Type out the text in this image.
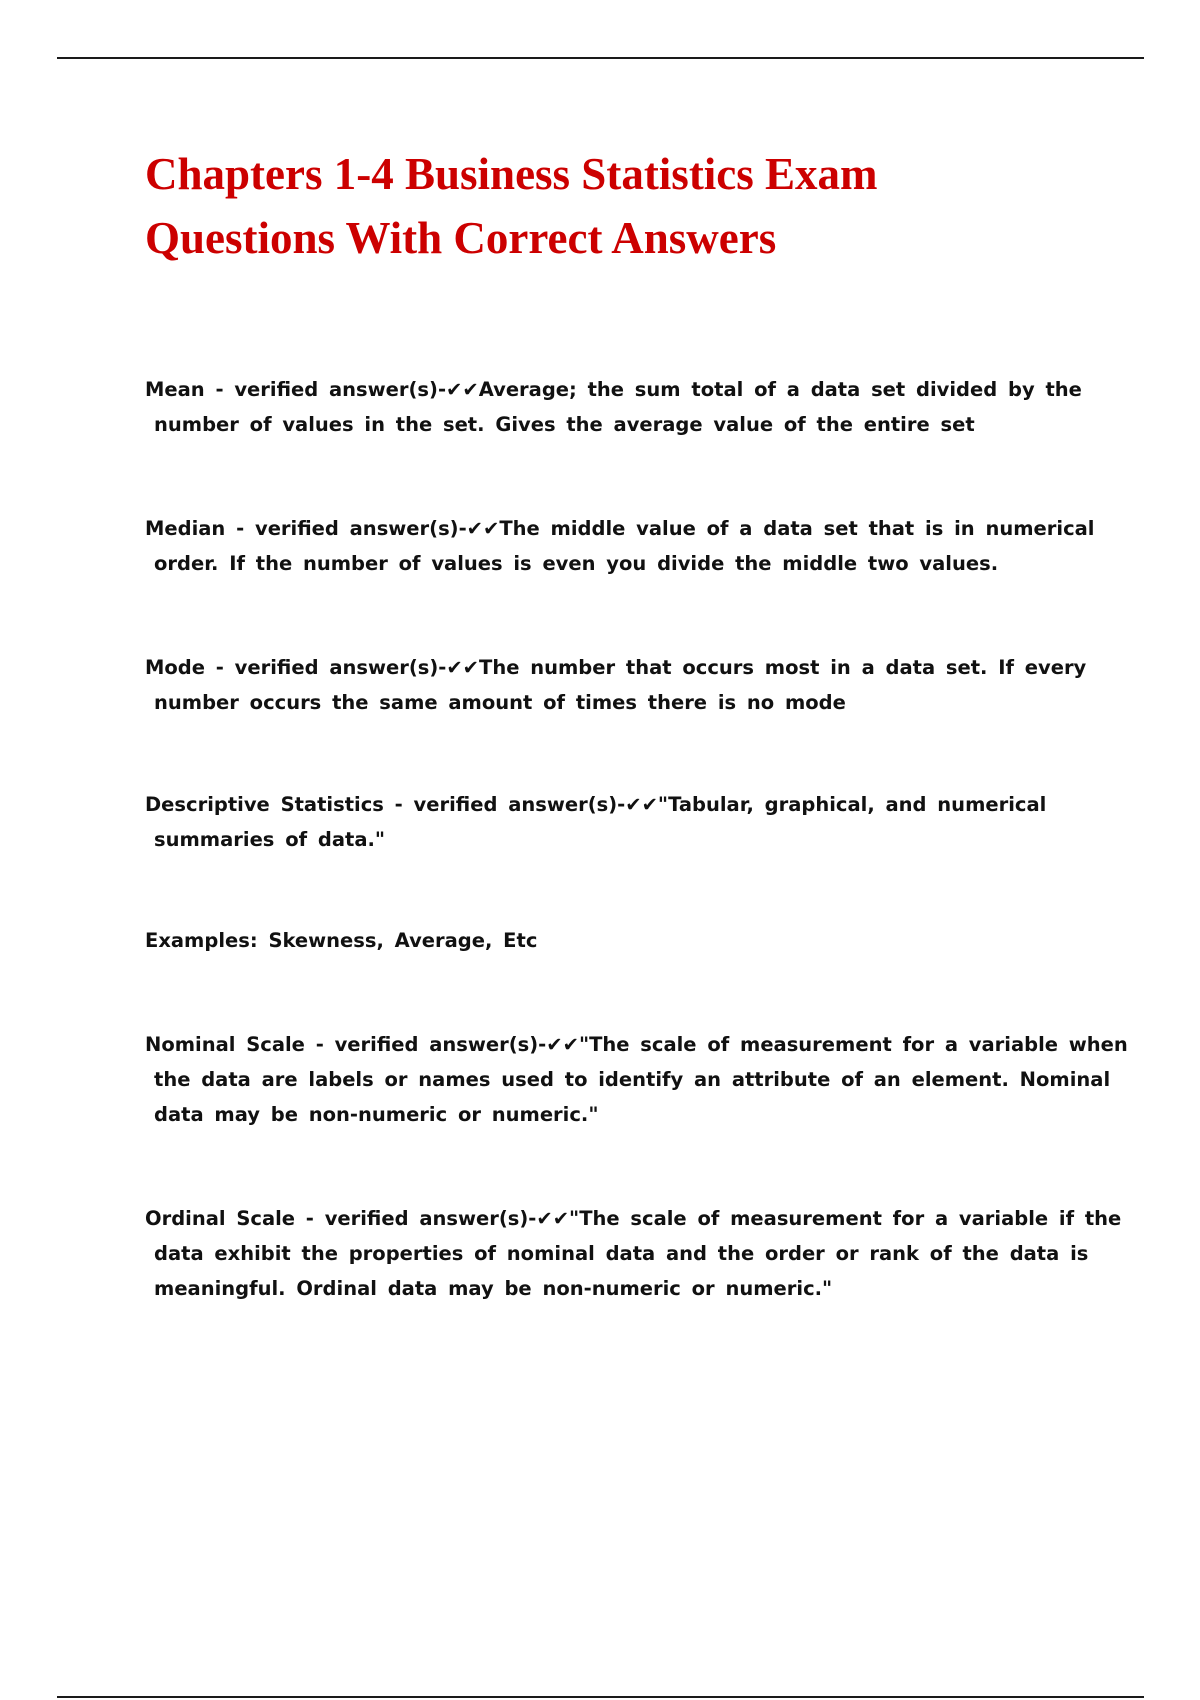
Chapters 1-4 Business Statistics Exam
Questions With Correct Answers

Mean - verified answer(s)-✔✔Average; the sum total of a data set divided by the
number of values in the set. Gives the average value of the entire set

Median - verified answer(s)-✔✔The middle value of a data set that is in numerical
order. If the number of values is even you divide the middle two values.

Mode - verified answer(s)-✔✔The number that occurs most in a data set. If every
number occurs the same amount of times there is no mode

Descriptive Statistics - verified answer(s)-✔✔"Tabular, graphical, and numerical
summaries of data."

Examples: Skewness, Average, Etc

Nominal Scale - verified answer(s)-✔✔"The scale of measurement for a variable when
the data are labels or names used to identify an attribute of an element. Nominal
data may be non-numeric or numeric."

Ordinal Scale - verified answer(s)-✔✔"The scale of measurement for a variable if the
data exhibit the properties of nominal data and the order or rank of the data is
meaningful. Ordinal data may be non-numeric or numeric."
